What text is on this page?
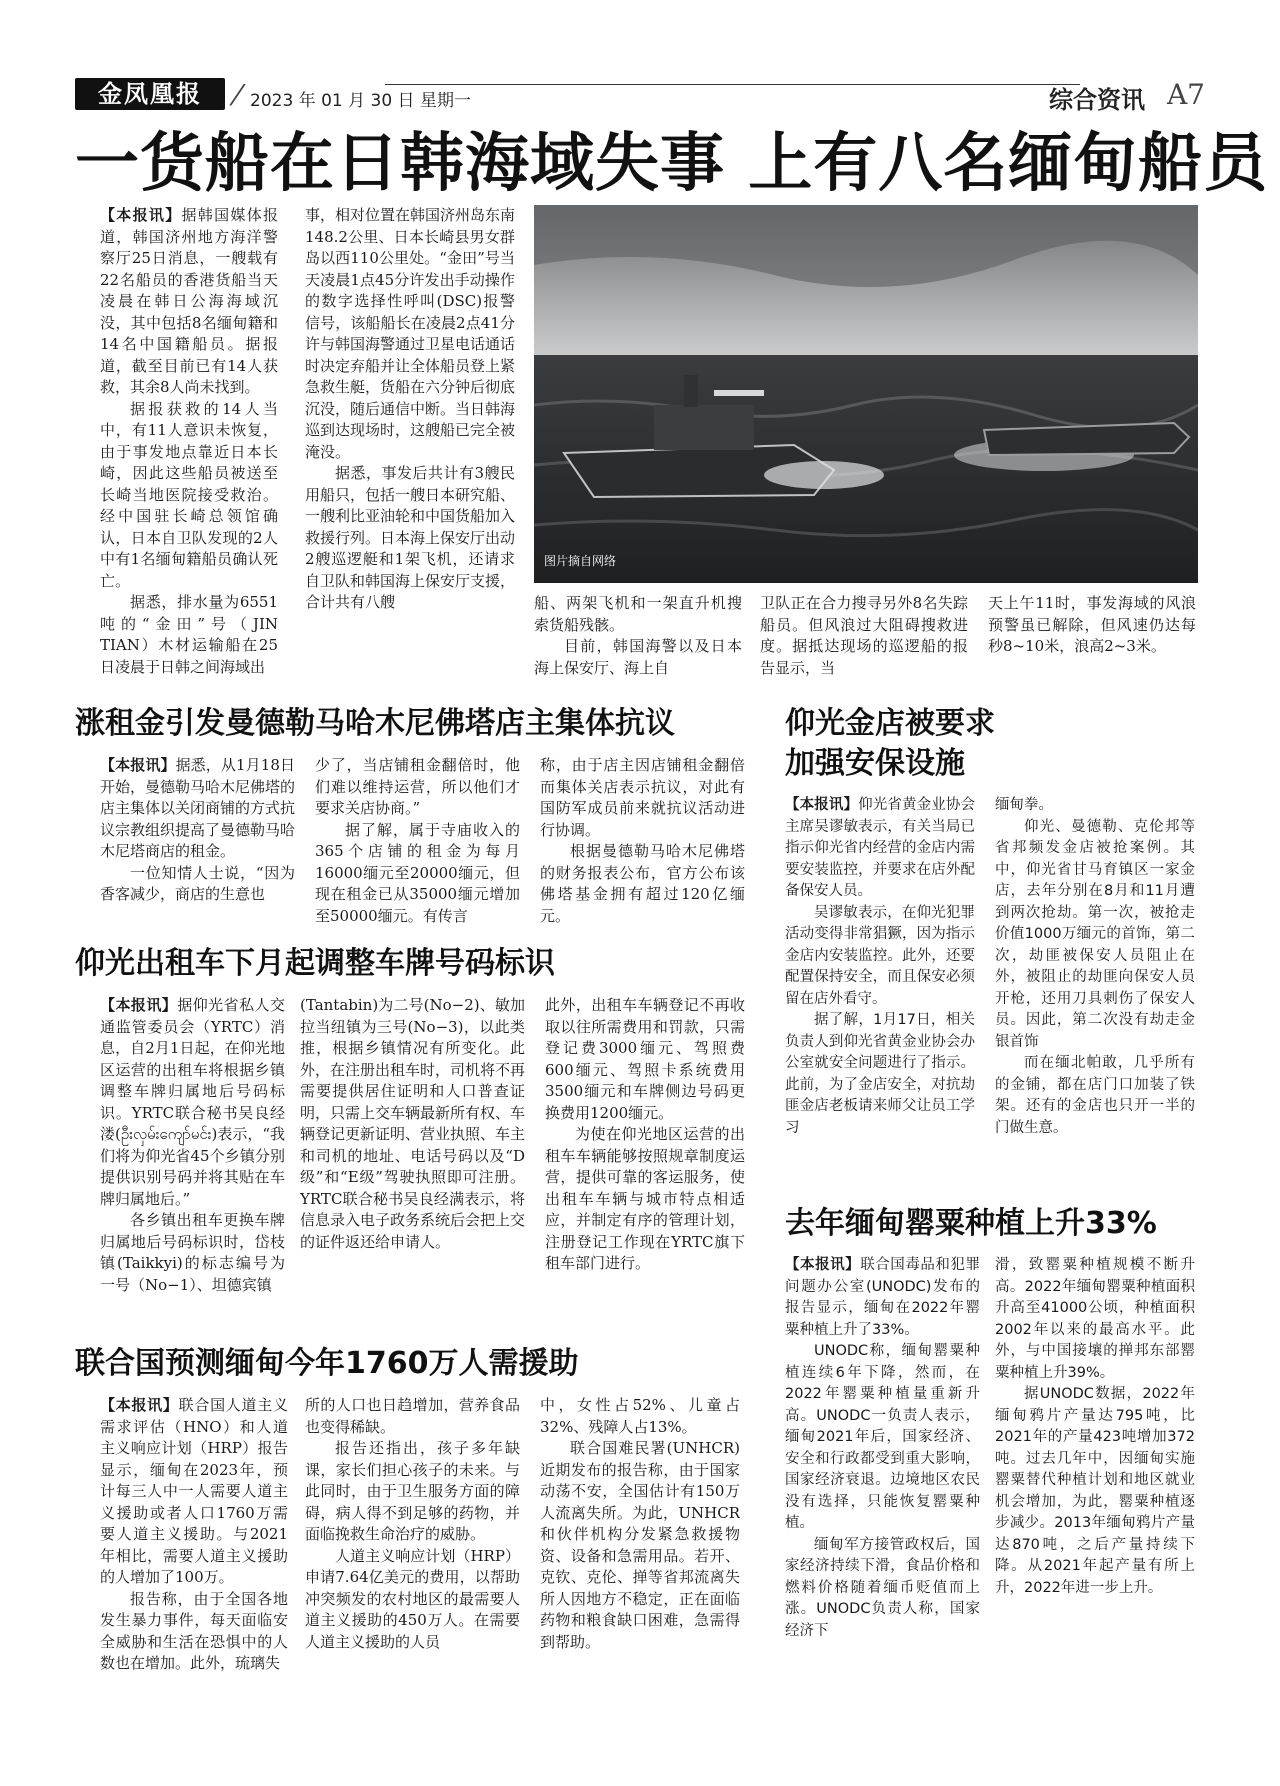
金凤凰报 / 2023 年 01 月 30 日 星期一	综合资讯 A7
一货船在日韩海域失事 上有八名缅甸船员

【本报讯】据韩国媒体报道，韩国济州地方海洋警察厅25日消息，一艘载有22名船员的香港货船当天凌晨在韩日公海海域沉没，其中包括8名缅甸籍和14名中国籍船员。据报道，截至目前已有14人获救，其余8人尚未找到。

据报获救的14人当中，有11人意识未恢复，由于事发地点靠近日本长崎，因此这些船员被送至长崎当地医院接受救治。经中国驻长崎总领馆确认，日本自卫队发现的2人中有1名缅甸籍船员确认死亡。

据悉，排水量为6551吨的“金田”号（JIN TIAN）木材运输船在25日凌晨于日韩之间海域出

事，相对位置在韩国济州岛东南148.2公里、日本长崎县男女群岛以西110公里处。“金田”号当天凌晨1点45分许发出手动操作的数字选择性呼叫(DSC)报警信号，该船船长在凌晨2点41分许与韩国海警通过卫星电话通话时决定弃船并让全体船员登上紧急救生艇，货船在六分钟后彻底沉没，随后通信中断。当日韩海巡到达现场时，这艘船已完全被淹没。

据悉，事发后共计有3艘民用船只，包括一艘日本研究船、一艘利比亚油轮和中国货船加入救援行列。日本海上保安厅出动2艘巡逻艇和1架飞机，还请求自卫队和韩国海上保安厅支援，合计共有八艘

图片摘自网络

船、两架飞机和一架直升机搜索货船残骸。

目前，韩国海警以及日本海上保安厅、海上自

卫队正在合力搜寻另外8名失踪船员。但风浪过大阻碍搜救进度。据抵达现场的巡逻船的报告显示，当

天上午11时，事发海域的风浪预警虽已解除，但风速仍达每秒8~10米，浪高2~3米。

涨租金引发曼德勒马哈木尼佛塔店主集体抗议

【本报讯】据悉，从1月18日开始，曼德勒马哈木尼佛塔的店主集体以关闭商铺的方式抗议宗教组织提高了曼德勒马哈木尼塔商店的租金。

一位知情人士说，“因为香客减少，商店的生意也

少了，当店铺租金翻倍时，他们难以维持运营，所以他们才要求关店协商。”

据了解，属于寺庙收入的365个店铺的租金为每月16000缅元至20000缅元，但现在租金已从35000缅元增加至50000缅元。有传言

称，由于店主因店铺租金翻倍而集体关店表示抗议，对此有国防军成员前来就抗议活动进行协调。

根据曼德勒马哈木尼佛塔的财务报表公布，官方公布该佛塔基金拥有超过120亿缅元。

仰光出租车下月起调整车牌号码标识

【本报讯】据仰光省私人交通监管委员会（YRTC）消息，自2月1日起，在仰光地区运营的出租车将根据乡镇调整车牌归属地后号码标识。YRTC联合秘书吴良经溇(ဦးလှမ်းကျော်မင်း)表示，“我们将为仰光省45个乡镇分别提供识别号码并将其贴在车牌归属地后。”

各乡镇出租车更换车牌归属地后号码标识时，岱枝镇(Taikkyi)的标志编号为一号（No−1）、坦德宾镇

(Tantabin)为二号(No−2)、敏加拉当纽镇为三号(No−3)，以此类推，根据乡镇情况有所变化。此外，在注册出租车时，司机将不再需要提供居住证明和人口普查证明，只需上交车辆最新所有权、车辆登记更新证明、营业执照、车主和司机的地址、电话号码以及“D级”和“E级”驾驶执照即可注册。YRTC联合秘书吴良经满表示，将信息录入电子政务系统后会把上交的证件返还给申请人。

此外，出租车车辆登记不再收取以往所需费用和罚款，只需登记费3000缅元、驾照费600缅元、驾照卡系统费用3500缅元和车牌侧边号码更换费用1200缅元。

为使在仰光地区运营的出租车车辆能够按照规章制度运营，提供可靠的客运服务，使出租车车辆与城市特点相适应，并制定有序的管理计划，注册登记工作现在YRTC旗下租车部门进行。

联合国预测缅甸今年1760万人需援助

【本报讯】联合国人道主义需求评估（HNO）和人道主义响应计划（HRP）报告显示，缅甸在2023年，预计每三人中一人需要人道主义援助或者人口1760万需要人道主义援助。与2021年相比，需要人道主义援助的人增加了100万。

报告称，由于全国各地发生暴力事件，每天面临安全威胁和生活在恐惧中的人数也在增加。此外，琉璃失

所的人口也日趋增加，营养食品也变得稀缺。

报告还指出，孩子多年缺课，家长们担心孩子的未来。与此同时，由于卫生服务方面的障碍，病人得不到足够的药物，并面临挽救生命治疗的威胁。

人道主义响应计划（HRP）申请7.64亿美元的费用，以帮助冲突频发的农村地区的最需要人道主义援助的450万人。在需要人道主义援助的人员

中，女性占52%、儿童占32%、残障人占13%。

联合国难民署(UNHCR)近期发布的报告称，由于国家动荡不安，全国估计有150万人流离失所。为此，UNHCR和伙伴机构分发紧急救援物资、设备和急需用品。若开、克钦、克伦、掸等省邦流离失所人因地方不稳定，正在面临药物和粮食缺口困难，急需得到帮助。

仰光金店被要求
加强安保设施

【本报讯】仰光省黄金业协会主席吴谬敏表示，有关当局已指示仰光省内经营的金店内需要安装监控，并要求在店外配备保安人员。

吴谬敏表示，在仰光犯罪活动变得非常猖獗，因为指示金店内安装监控。此外，还要配置保持安全，而且保安必须留在店外看守。

据了解，1月17日，相关负责人到仰光省黄金业协会办公室就安全问题进行了指示。此前，为了金店安全，对抗劫匪金店老板请来师父让员工学习

缅甸拳。

仰光、曼德勒、克伦邦等省邦频发金店被抢案例。其中，仰光省甘马育镇区一家金店，去年分别在8月和11月遭到两次抢劫。第一次，被抢走价值1000万缅元的首饰，第二次，劫匪被保安人员阻止在外，被阻止的劫匪向保安人员开枪，还用刀具刺伤了保安人员。因此，第二次没有劫走金银首饰

而在缅北帕敢，几乎所有的金铺，都在店门口加装了铁架。还有的金店也只开一半的门做生意。

去年缅甸罂粟种植上升33%

【本报讯】联合国毒品和犯罪问题办公室(UNODC)发布的报告显示，缅甸在2022年罂粟种植上升了33%。

UNODC称，缅甸罂粟种植连续6年下降，然而，在2022年罂粟种植量重新升高。UNODC一负责人表示，缅甸2021年后，国家经济、安全和行政都受到重大影响，国家经济衰退。边境地区农民没有选择，只能恢复罂粟种植。

缅甸军方接管政权后，国家经济持续下滑，食品价格和燃料价格随着缅币贬值而上涨。UNODC负责人称，国家经济下

滑，致罂粟种植规模不断升高。2022年缅甸罂粟种植面积升高至41000公顷，种植面积2002年以来的最高水平。此外，与中国接壤的掸邦东部罂粟种植上升39%。

据UNODC数据，2022年缅甸鸦片产量达795吨，比2021年的产量423吨增加372吨。过去几年中，因缅甸实施罂粟替代种植计划和地区就业机会增加，为此，罂粟种植逐步减少。2013年缅甸鸦片产量达870吨，之后产量持续下降。从2021年起产量有所上升，2022年进一步上升。
